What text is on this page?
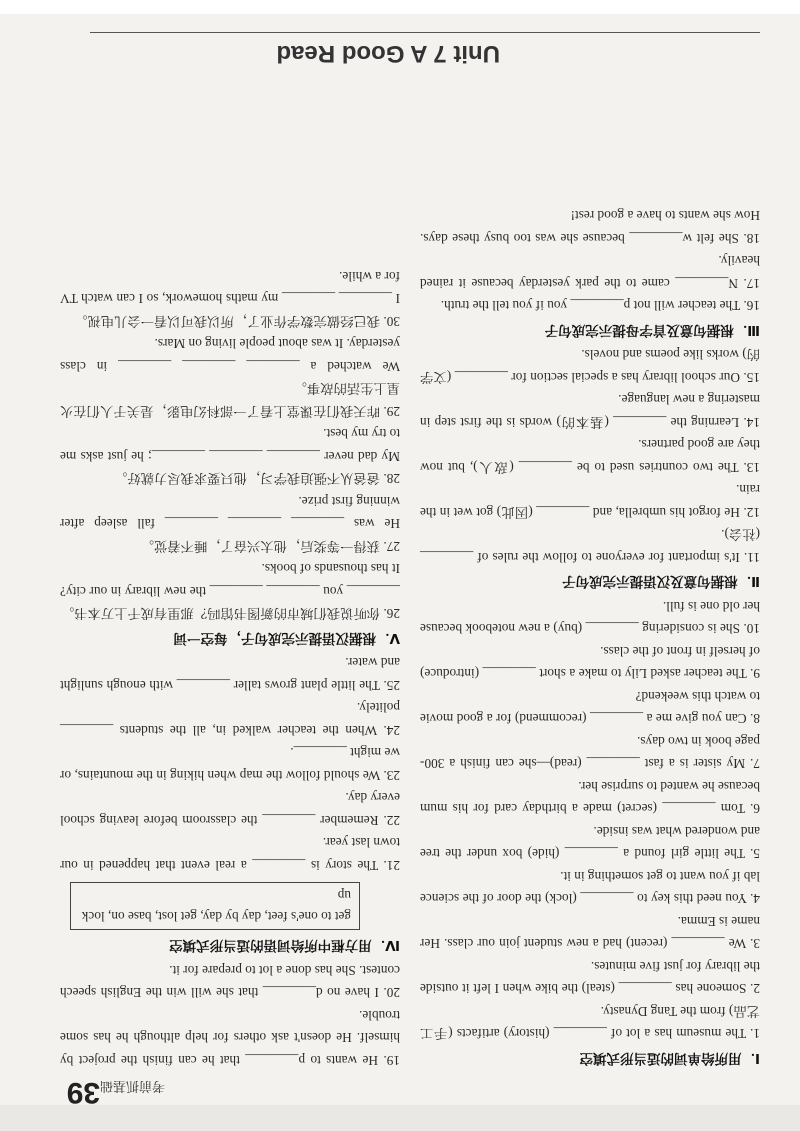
Unit 7 A Good Read
考前抓基础
39
Ⅰ．用所给单词的适当形式填空

1. The museum has a lot of ________ (history) artifacts (手工艺品) from the Tang Dynasty.

2. Someone has ________ (steal) the bike when I left it outside the library for just five minutes.

3. We ________ (recent) had a new student join our class. Her name is Emma.

4. You need this key to ________ (lock) the door of the science lab if you want to get something in it.

5. The little girl found a ________ (hide) box under the tree and wondered what was inside.

6. Tom ________ (secret) made a birthday card for his mum because he wanted to surprise her.

7. My sister is a fast ________ (read)—she can finish a 300-page book in two days.

8. Can you give me a ________ (recommend) for a good movie to watch this weekend?

9. The teacher asked Lily to make a short ________ (introduce) of herself in front of the class.

10. She is considering ________ (buy) a new notebook because her old one is full.

Ⅱ．根据句意及汉语提示完成句子

11. It's important for everyone to follow the rules of ________ (社会).

12. He forgot his umbrella, and ________ (因此) got wet in the rain.

13. The two countries used to be ________ (敌人), but now they are good partners.

14. Learning the ________ (基本的) words is the first step in mastering a new language.

15. Our school library has a special section for ________ (文学的) works like poems and novels.

Ⅲ．根据句意及首字母提示完成句子

16. The teacher will not p________ you if you tell the truth.

17. N________ came to the park yesterday because it rained heavily.

18. She felt w________ because she was too busy these days. How she wants to have a good rest!

19. He wants to p________ that he can finish the project by himself. He doesn't ask others for help although he has some trouble.

20. I have no d________ that she will win the English speech contest. She has done a lot to prepare for it.

Ⅳ．用方框中所给词语的适当形式填空
get to one's feet, day by day, get lost, base on, lock up

21. The story is ________ a real event that happened in our town last year.

22. Remember ________ the classroom before leaving school every day.

23. We should follow the map when hiking in the mountains, or we might ________.

24. When the teacher walked in, all the students ________ politely.

25. The little plant grows taller ________ with enough sunlight and water.

Ⅴ．根据汉语提示完成句子，每空一词

26. 你听说我们城市的新图书馆吗？那里有成千上万本书。

________ you ________ ________ the new library in our city? It has thousands of books.

27. 获得一等奖后，他太兴奋了，睡不着觉。

He was ________ ________ ________ fall asleep after winning first prize.

28. 爸爸从不强迫我学习，他只要求我尽力就好。

My dad never ________ ________ ________; he just asks me to try my best.

29. 昨天我们在课堂上看了一部科幻电影，是关于人们在火星上生活的故事。

We watched a ________ ________ ________ in class yesterday. It was about people living on Mars.

30. 我已经做完数学作业了，所以我可以看一会儿电视。

I ________ ________ my maths homework, so I can watch TV for a while.
